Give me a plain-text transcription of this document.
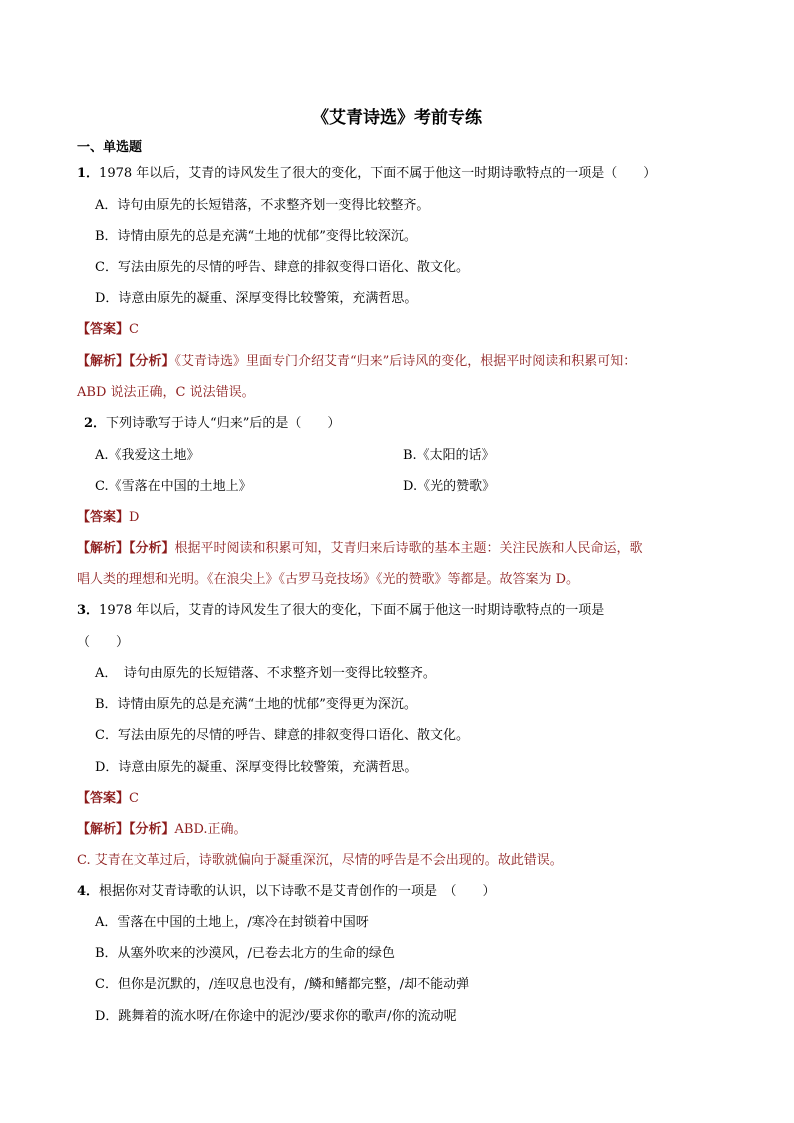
《艾青诗选》考前专练
一、单选题
1．1978 年以后，艾青的诗风发生了很大的变化，下面不属于他这一时期诗歌特点的一项是（　　）
A．诗句由原先的长短错落，不求整齐划一变得比较整齐。
B．诗情由原先的总是充满“土地的忧郁”变得比较深沉。
C．写法由原先的尽情的呼告、肆意的排叙变得口语化、散文化。
D．诗意由原先的凝重、深厚变得比较警策，充满哲思。
【答案】C
【解析】【分析】《艾青诗选》里面专门介绍艾青“归来”后诗风的变化，根据平时阅读和积累可知：
ABD 说法正确，C 说法错误。
2．下列诗歌写于诗人“归来”后的是（　　）
A.《我爱这土地》	B.《太阳的话》
C.《雪落在中国的土地上》	D.《光的赞歌》
【答案】D
【解析】【分析】根据平时阅读和积累可知，艾青归来后诗歌的基本主题：关注民族和人民命运，歌
唱人类的理想和光明。《在浪尖上》《古罗马竞技场》《光的赞歌》等都是。故答案为 D。
3．1978 年以后，艾青的诗风发生了很大的变化，下面不属于他这一时期诗歌特点的一项是
（　　）
A．　诗句由原先的长短错落、不求整齐划一变得比较整齐。
B．诗情由原先的总是充满“土地的忧郁”变得更为深沉。
C．写法由原先的尽情的呼告、肆意的排叙变得口语化、散文化。
D．诗意由原先的凝重、深厚变得比较警策，充满哲思。
【答案】C
【解析】【分析】ABD.正确。
C. 艾青在文革过后，诗歌就偏向于凝重深沉，尽情的呼告是不会出现的。故此错误。
4．根据你对艾青诗歌的认识，以下诗歌不是艾青创作的一项是　（　　）
A．雪落在中国的土地上，/寒冷在封锁着中国呀
B．从塞外吹来的沙漠风，/已卷去北方的生命的绿色
C．但你是沉默的，/连叹息也没有，/鳞和鳍都完整，/却不能动弹
D．跳舞着的流水呀/在你途中的泥沙/要求你的歌声/你的流动呢
